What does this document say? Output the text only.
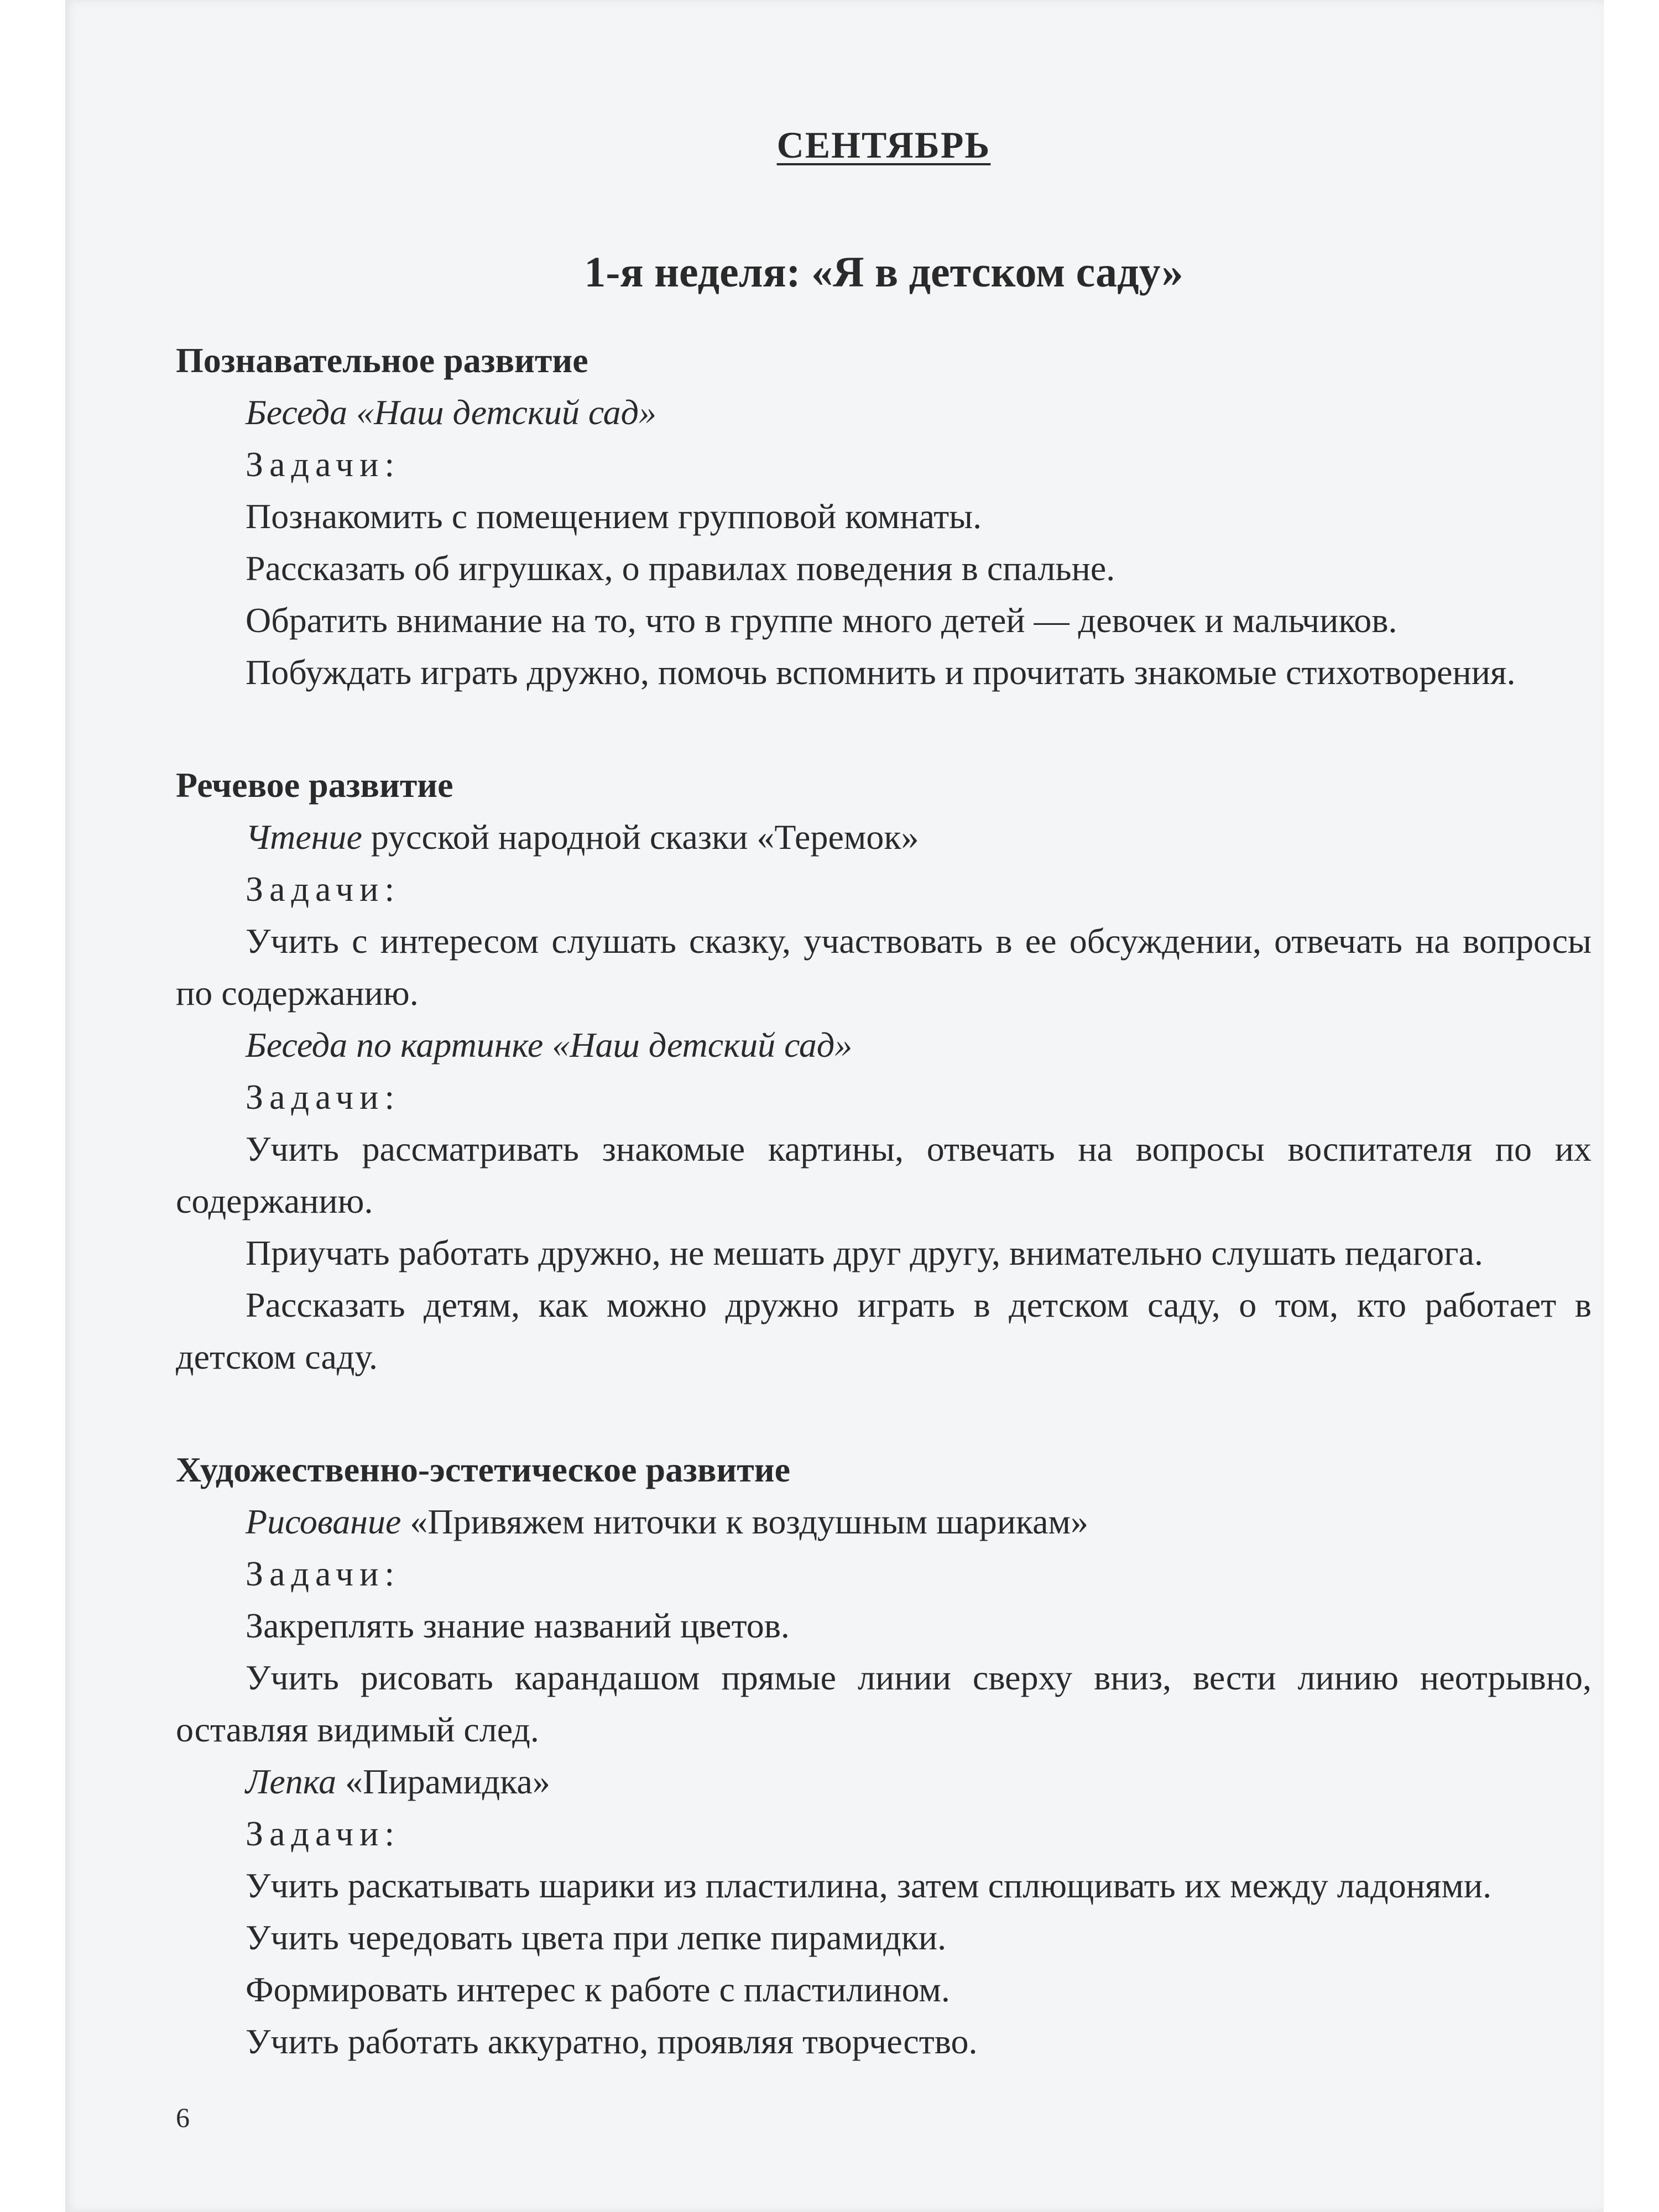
СЕНТЯБРЬ
1-я неделя: «Я в детском саду»
Познавательное развитие

Беседа «Наш детский сад»

Задачи:

Познакомить с помещением групповой комнаты.

Рассказать об игрушках, о правилах поведения в спальне.

Обратить внимание на то, что в группе много детей — девочек и мальчиков.

Побуждать играть дружно, помочь вспомнить и прочитать знакомые стихотворения.

Речевое развитие

Чтение русской народной сказки «Теремок»

Задачи:

Учить с интересом слушать сказку, участвовать в ее обсуждении, отвечать на вопросы по содержанию.

Беседа по картинке «Наш детский сад»

Задачи:

Учить рассматривать знакомые картины, отвечать на вопросы воспитателя по их содержанию.

Приучать работать дружно, не мешать друг другу, внимательно слушать педагога.

Рассказать детям, как можно дружно играть в детском саду, о том, кто работает в детском саду.

Художественно-эстетическое развитие

Рисование «Привяжем ниточки к воздушным шарикам»

Задачи:

Закреплять знание названий цветов.

Учить рисовать карандашом прямые линии сверху вниз, вести линию неотрывно, оставляя видимый след.

Лепка «Пирамидка»

Задачи:

Учить раскатывать шарики из пластилина, затем сплющивать их между ладонями.

Учить чередовать цвета при лепке пирамидки.

Формировать интерес к работе с пластилином.

Учить работать аккуратно, проявляя творчество.

6
